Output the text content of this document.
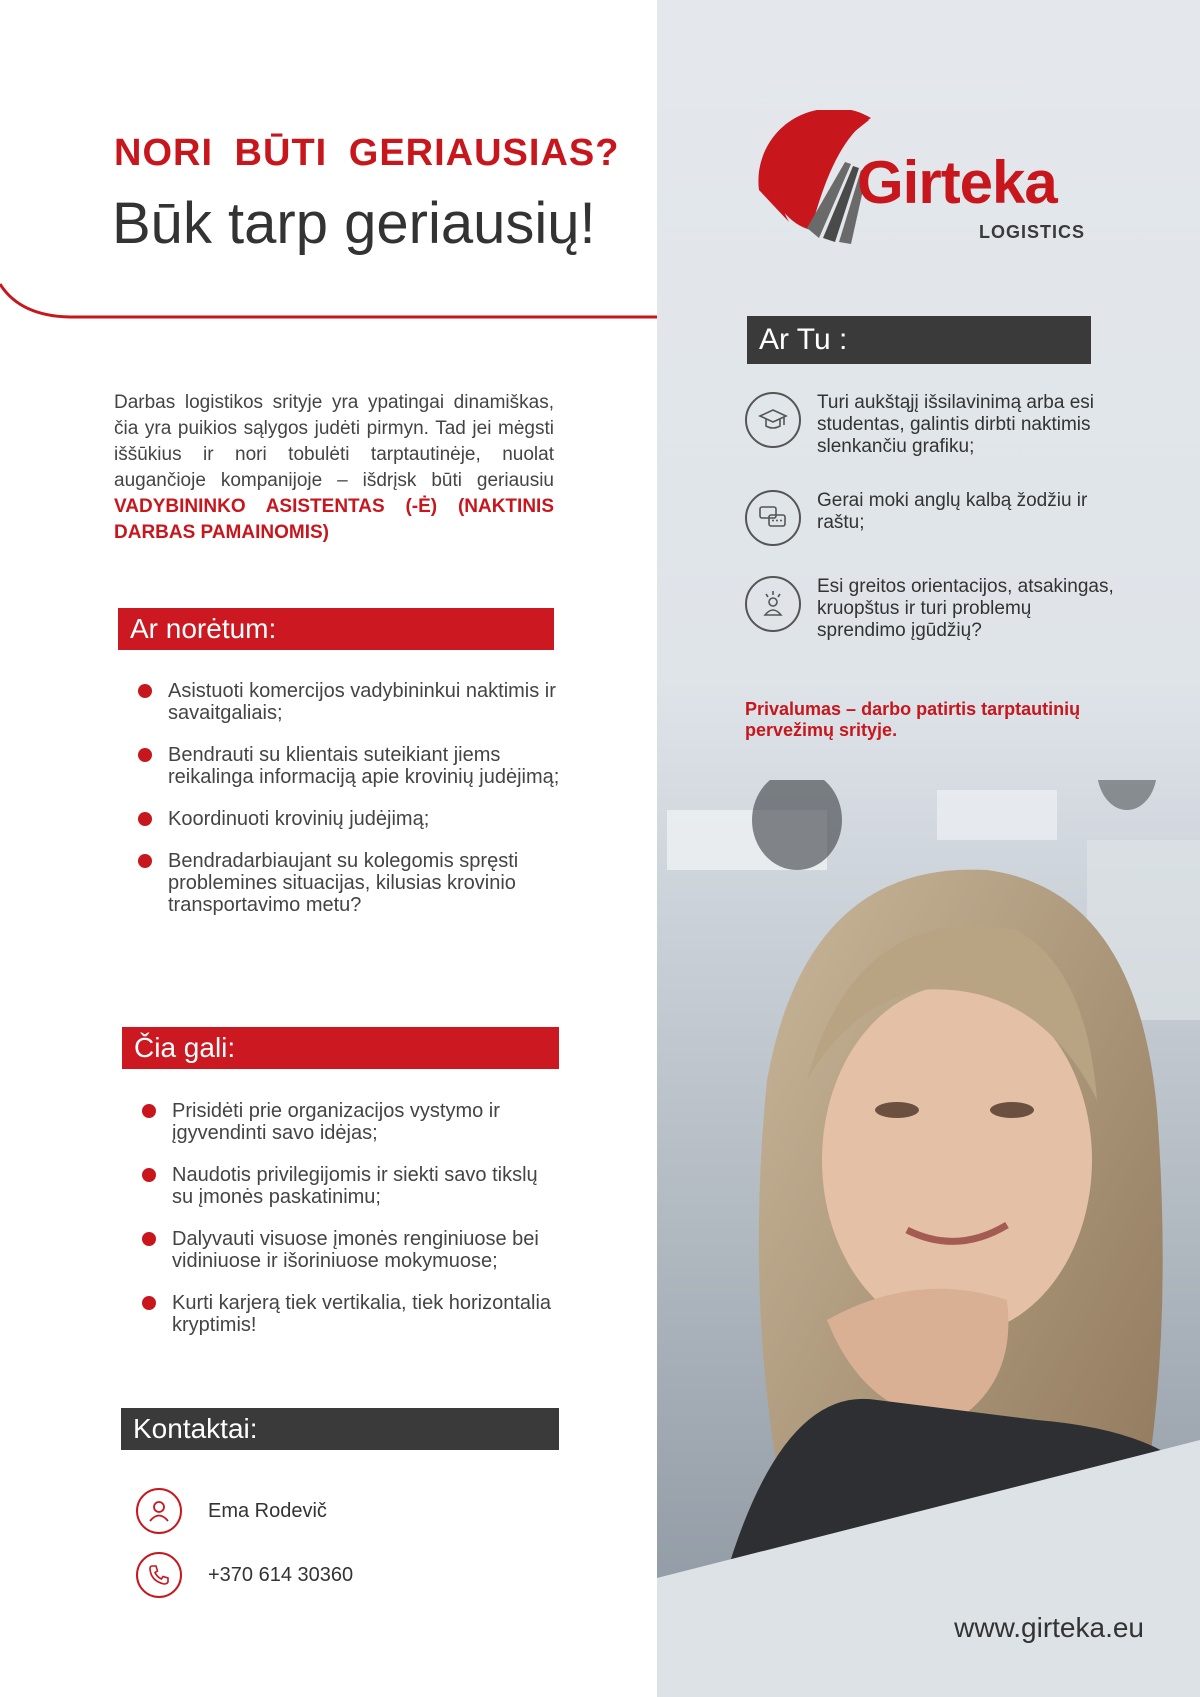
NORI BŪTI GERIAUSIAS?
Būk tarp geriausių!
Darbas logistikos srityje yra ypatingai dinamiškas, čia yra puikios sąlygos judėti pirmyn. Tad jei mėgsti iššūkius ir nori tobulėti tarptautinėje, nuolat augančioje kompanijoje – išdrįsk būti geriausiu VADYBININKO ASISTENTAS (-Ė) (NAKTINIS DARBAS PAMAINOMIS)
Ar norėtum:
Asistuoti komercijos vadybininkui naktimis ir savaitgaliais;
Bendrauti su klientais suteikiant jiems reikalinga informaciją apie krovinių judėjimą;
Koordinuoti krovinių judėjimą;
Bendradarbiaujant su kolegomis spręsti problemines situacijas, kilusias krovinio transportavimo metu?
Čia gali:
Prisidėti prie organizacijos vystymo ir įgyvendinti savo idėjas;
Naudotis privilegijomis ir siekti savo tikslų su įmonės paskatinimu;
Dalyvauti visuose įmonės renginiuose bei vidiniuose ir išoriniuose mokymuose;
Kurti karjerą tiek vertikalia, tiek horizontalia kryptimis!
Kontaktai:
Ema Rodevič
+370 614 30360
Girteka
LOGISTICS
Ar Tu :
Turi aukštąjį išsilavinimą arba esi studentas, galintis dirbti naktimis slenkančiu grafiku;
Gerai moki anglų kalbą žodžiu ir raštu;
Esi greitos orientacijos, atsakingas, kruopštus ir turi problemų sprendimo įgūdžių?
Privalumas – darbo patirtis tarptautinių pervežimų srityje.
www.girteka.eu
